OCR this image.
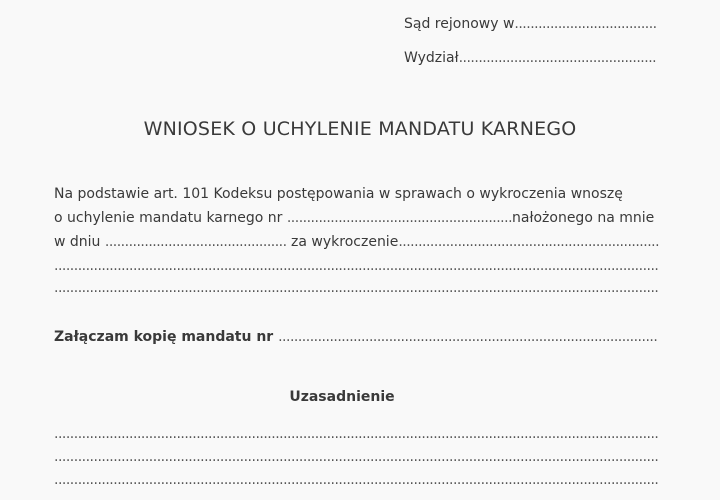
Sąd rejonowy w....................................
Wydział..................................................
WNIOSEK O UCHYLENIE MANDATU KARNEGO
Na podstawie art. 101 Kodeksu postępowania w sprawach o wykroczenia wnoszę
o uchylenie mandatu karnego nr .........................................................nałożonego na mnie
w dniu .............................................. za wykroczenie..................................................................
.........................................................................................................................................................
.........................................................................................................................................................
Załączam kopię mandatu nr ................................................................................................
Uzasadnienie
.........................................................................................................................................................
.........................................................................................................................................................
.........................................................................................................................................................
